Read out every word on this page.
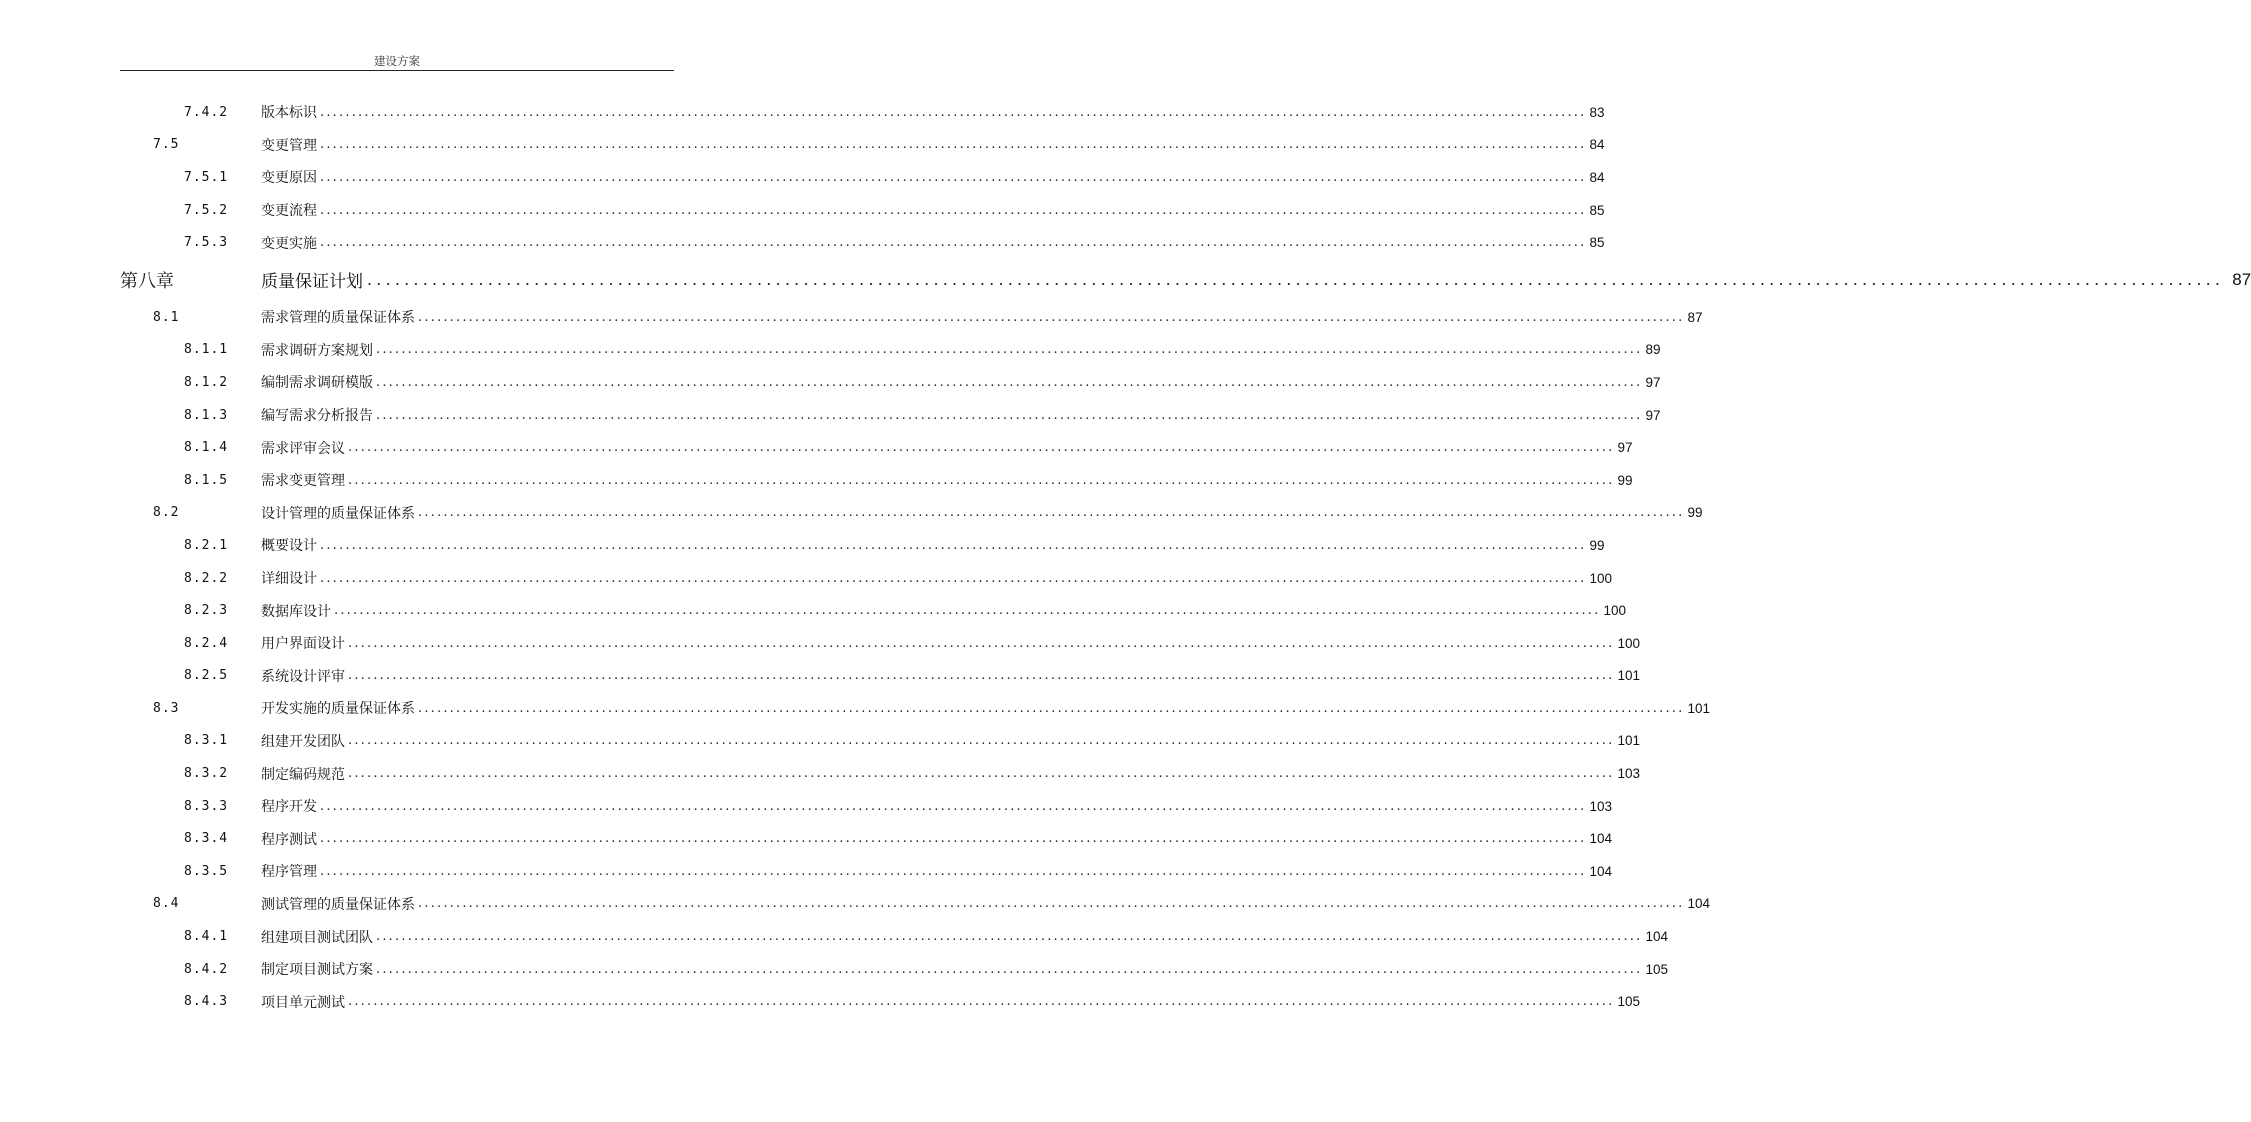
建设方案
7.4.2	版本标识 ........................................................................................................................................................................................................ 83
7.5	变更管理 ........................................................................................................................................................................................................ 84
7.5.1	变更原因 ........................................................................................................................................................................................................ 84
7.5.2	变更流程 ........................................................................................................................................................................................................ 85
7.5.3	变更实施 ........................................................................................................................................................................................................ 85
第八章	质量保证计划 ........................................................................................................................................................................................................ 87
8.1	需求管理的质量保证体系 ........................................................................................................................................................................................................ 87
8.1.1	需求调研方案规划 ........................................................................................................................................................................................................ 89
8.1.2	编制需求调研模版 ........................................................................................................................................................................................................ 97
8.1.3	编写需求分析报告 ........................................................................................................................................................................................................ 97
8.1.4	需求评审会议 ........................................................................................................................................................................................................ 97
8.1.5	需求变更管理 ........................................................................................................................................................................................................ 99
8.2	设计管理的质量保证体系 ........................................................................................................................................................................................................ 99
8.2.1	概要设计 ........................................................................................................................................................................................................ 99
8.2.2	详细设计 ........................................................................................................................................................................................................ 100
8.2.3	数据库设计 ........................................................................................................................................................................................................ 100
8.2.4	用户界面设计 ........................................................................................................................................................................................................ 100
8.2.5	系统设计评审 ........................................................................................................................................................................................................ 101
8.3	开发实施的质量保证体系 ........................................................................................................................................................................................................ 101
8.3.1	组建开发团队 ........................................................................................................................................................................................................ 101
8.3.2	制定编码规范 ........................................................................................................................................................................................................ 103
8.3.3	程序开发 ........................................................................................................................................................................................................ 103
8.3.4	程序测试 ........................................................................................................................................................................................................ 104
8.3.5	程序管理 ........................................................................................................................................................................................................ 104
8.4	测试管理的质量保证体系 ........................................................................................................................................................................................................ 104
8.4.1	组建项目测试团队 ........................................................................................................................................................................................................ 104
8.4.2	制定项目测试方案 ........................................................................................................................................................................................................ 105
8.4.3	项目单元测试 ........................................................................................................................................................................................................ 105
